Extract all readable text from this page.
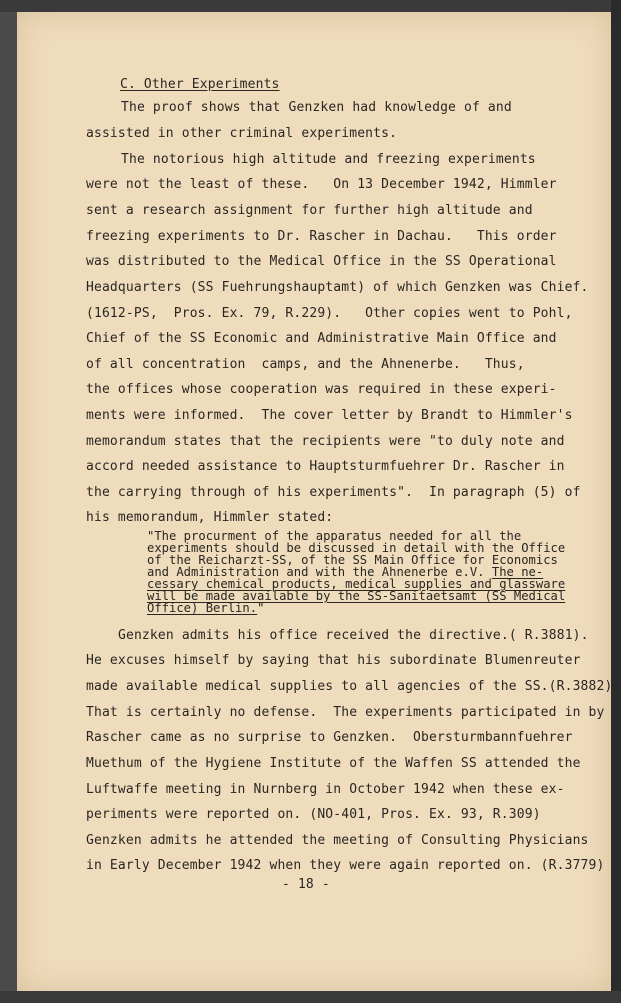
C. Other Experiments
The proof shows that Genzken had knowledge of and
assisted in other criminal experiments.
The notorious high altitude and freezing experiments
were not the least of these.   On 13 December 1942, Himmler
sent a research assignment for further high altitude and
freezing experiments to Dr. Rascher in Dachau.   This order
was distributed to the Medical Office in the SS Operational
Headquarters (SS Fuehrungshauptamt) of which Genzken was Chief.
(1612-PS,  Pros. Ex. 79, R.229).   Other copies went to Pohl,
Chief of the SS Economic and Administrative Main Office and
of all concentration  camps, and the Ahnenerbe.   Thus,
the offices whose cooperation was required in these experi-
ments were informed.  The cover letter by Brandt to Himmler's
memorandum states that the recipients were "to duly note and
accord needed assistance to Hauptsturmfuehrer Dr. Rascher in
the carrying through of his experiments".  In paragraph (5) of
his memorandum, Himmler stated:
"The procurment of the apparatus needed for all the
experiments should be discussed in detail with the Office
of the Reicharzt-SS, of the SS Main Office for Economics
and Administration and with the Ahnenerbe e.V. The ne-
cessary chemical products, medical supplies and glassware
will be made available by the SS-Sanitaetsamt (SS Medical
Office) Berlin."
Genzken admits his office received the directive.( R.3881).
He excuses himself by saying that his subordinate Blumenreuter
made available medical supplies to all agencies of the SS.(R.3882)
That is certainly no defense.  The experiments participated in by
Rascher came as no surprise to Genzken.  Obersturmbannfuehrer
Muethum of the Hygiene Institute of the Waffen SS attended the
Luftwaffe meeting in Nurnberg in October 1942 when these ex-
periments were reported on. (NO-401, Pros. Ex. 93, R.309)
Genzken admits he attended the meeting of Consulting Physicians
in Early December 1942 when they were again reported on. (R.3779)
- 18 -
